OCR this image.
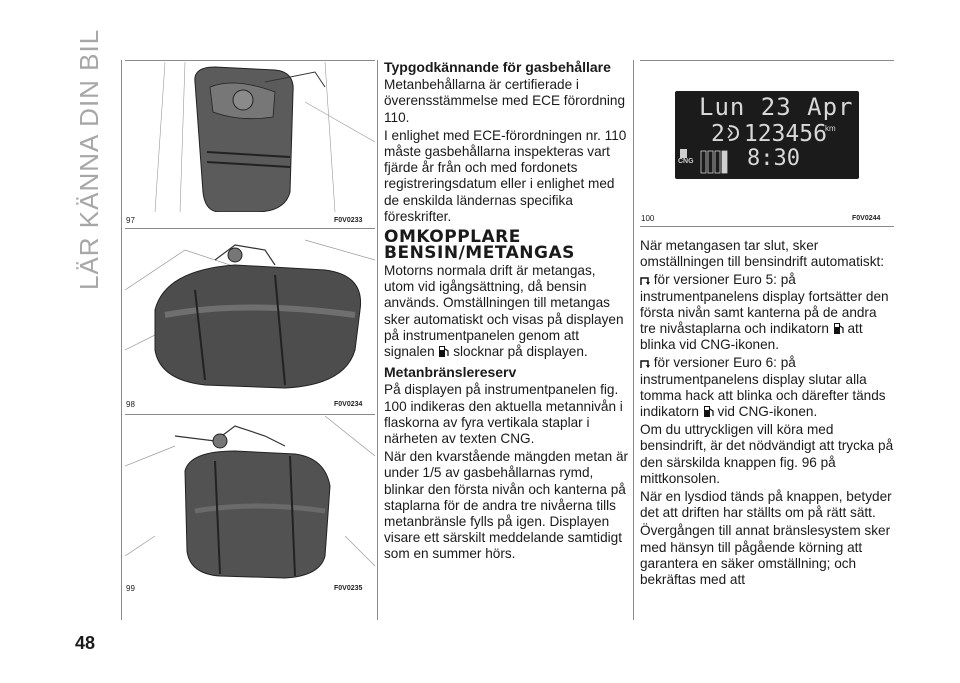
LÄR KÄNNA DIN BIL	97	F0V0233
98	F0V0234
99	F0V0235
Typgodkännande för gasbehållare

Metanbehållarna är certifierade i överensstämmelse med ECE förordning 110.

I enlighet med ECE-förordningen nr. 110 måste gasbehållarna inspekteras vart fjärde år från och med fordonets registreringsdatum eller i enlighet med de enskilda ländernas specifika föreskrifter.

OMKOPPLARE
BENSIN/METANGAS

Motorns normala drift är metangas, utom vid igångsättning, då bensin används. Omställningen till metangas sker automatiskt och visas på displayen på instrumentpanelen genom att signalen slocknar på displayen.

Metanbränslereserv

På displayen på instrumentpanelen fig. 100 indikeras den aktuella metannivån i flaskorna av fyra vertikala staplar i närheten av texten CNG.

När den kvarstående mängden metan är under 1/5 av gasbehållarnas rymd, blinkar den första nivån och kanterna på staplarna för de andra tre nivåerna tills metanbränsle fylls på igen. Displayen visare ett särskilt meddelande samtidigt som en summer hörs.

Lun 23 Apr
2 123456
km
8:30
CNG
100	F0V0244

När metangasen tar slut, sker omställningen till bensindrift automatiskt:

för versioner Euro 5: på instrumentpanelens display fortsätter den första nivån samt kanterna på de andra tre nivåstaplarna och indikatorn att blinka vid CNG-ikonen.

för versioner Euro 6: på instrumentpanelens display slutar alla tomma hack att blinka och därefter tänds indikatorn vid CNG-ikonen.

Om du uttryckligen vill köra med bensindrift, är det nödvändigt att trycka på den särskilda knappen fig. 96 på mittkonsolen.

När en lysdiod tänds på knappen, betyder det att driften har ställts om på rätt sätt.

Övergången till annat bränslesystem sker med hänsyn till pågående körning att garantera en säker omställning; och bekräftas med att

48
